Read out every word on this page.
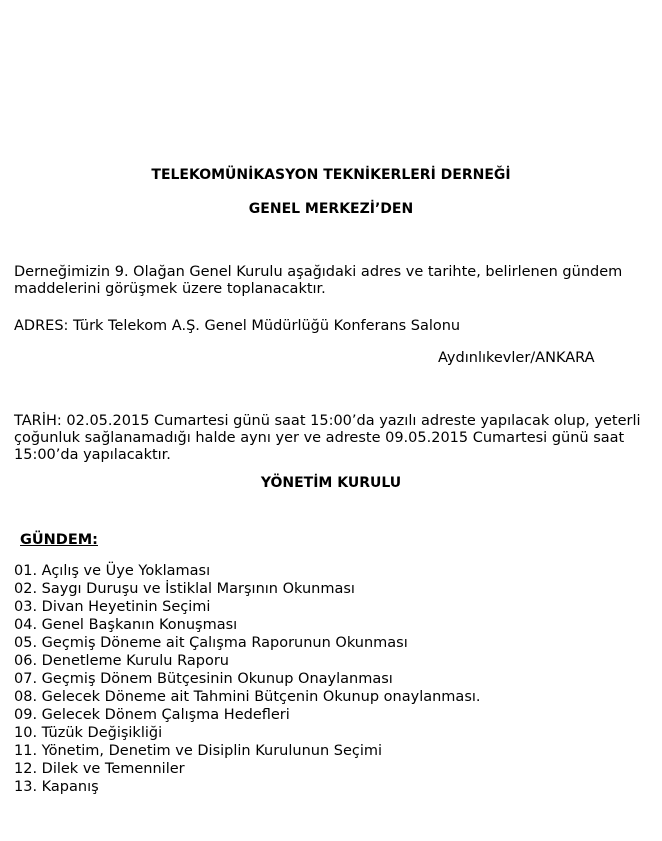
TELEKOMÜNİKASYON TEKNİKERLERİ DERNEĞİ

GENEL MERKEZİ’DEN

Derneğimizin 9. Olağan Genel Kurulu aşağıdaki adres ve tarihte, belirlenen gündem maddelerini görüşmek üzere toplanacaktır.

ADRES: Türk Telekom A.Ş. Genel Müdürlüğü Konferans Salonu

Aydınlıkevler/ANKARA

TARİH: 02.05.2015 Cumartesi günü saat 15:00’da yazılı adreste yapılacak olup, yeterli çoğunluk sağlanamadığı halde aynı yer ve adreste 09.05.2015 Cumartesi günü saat 15:00’da yapılacaktır.

YÖNETİM KURULU

GÜNDEM:

01. Açılış ve Üye Yoklaması
02. Saygı Duruşu ve İstiklal Marşının Okunması
03. Divan Heyetinin Seçimi
04. Genel Başkanın Konuşması
05. Geçmiş Döneme ait Çalışma Raporunun Okunması
06. Denetleme Kurulu Raporu
07. Geçmiş Dönem Bütçesinin Okunup Onaylanması
08. Gelecek Döneme ait Tahmini Bütçenin Okunup onaylanması.
09. Gelecek Dönem Çalışma Hedefleri
10. Tüzük Değişikliği
11. Yönetim, Denetim ve Disiplin Kurulunun Seçimi
12. Dilek ve Temenniler
13. Kapanış
